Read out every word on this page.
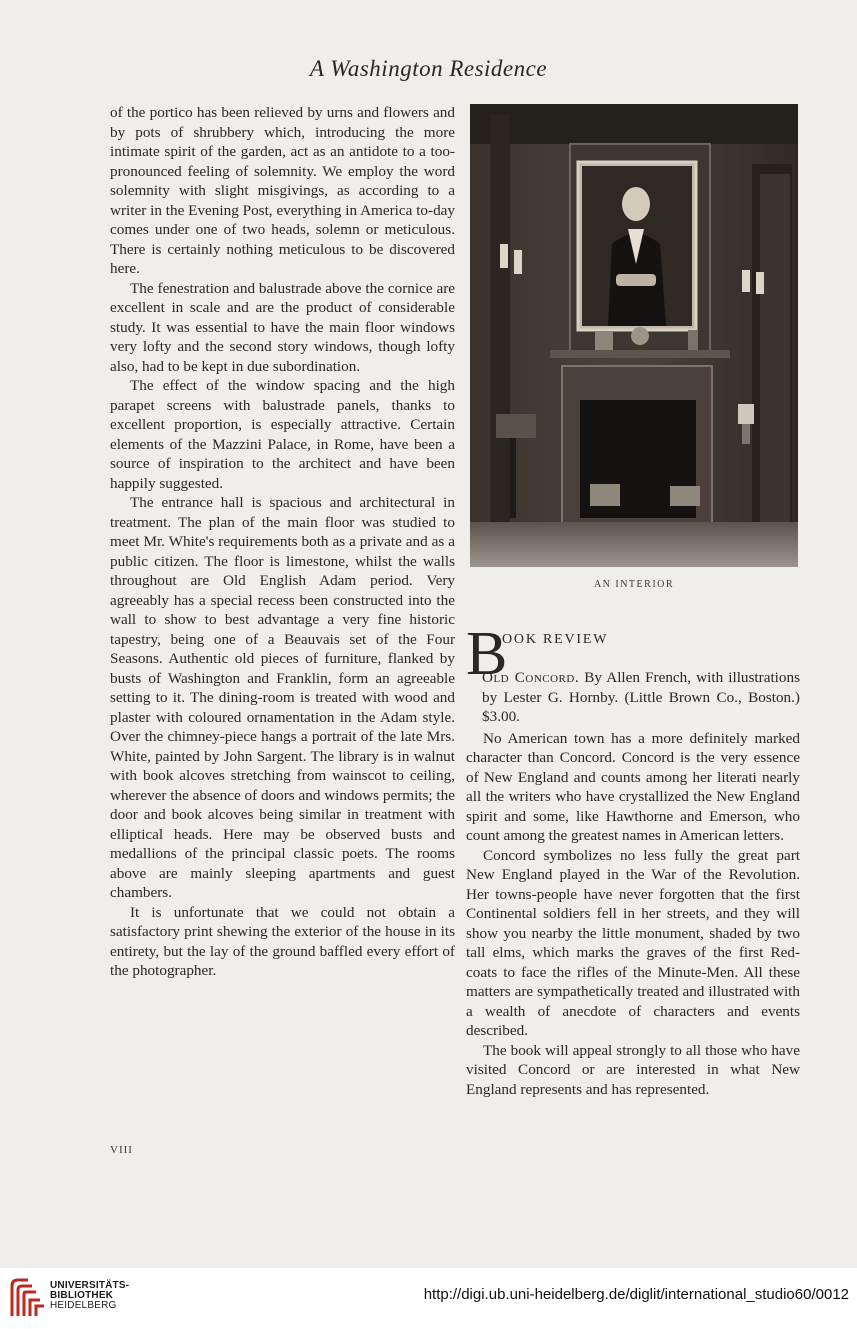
A Washington Residence

of the portico has been relieved by urns and flowers and by pots of shrubbery which, introducing the more intimate spirit of the garden, act as an antidote to a too-pronounced feeling of solemnity. We employ the word solemnity with slight misgivings, as according to a writer in the Evening Post, everything in America to-day comes under one of two heads, solemn or meticulous. There is certainly nothing meticulous to be discovered here.

The fenestration and balustrade above the cornice are excellent in scale and are the product of considerable study. It was essential to have the main floor windows very lofty and the second story windows, though lofty also, had to be kept in due subordination.

The effect of the window spacing and the high parapet screens with balustrade panels, thanks to excellent proportion, is especially attractive. Certain elements of the Mazzini Palace, in Rome, have been a source of inspiration to the architect and have been happily suggested.

The entrance hall is spacious and architectural in treatment. The plan of the main floor was studied to meet Mr. White's requirements both as a private and as a public citizen. The floor is limestone, whilst the walls throughout are Old English Adam period. Very agreeably has a special recess been constructed into the wall to show to best advantage a very fine historic tapestry, being one of a Beauvais set of the Four Seasons. Authentic old pieces of furniture, flanked by busts of Washington and Franklin, form an agreeable setting to it. The dining-room is treated with wood and plaster with coloured ornamentation in the Adam style. Over the chimney-piece hangs a portrait of the late Mrs. White, painted by John Sargent. The library is in walnut with book alcoves stretching from wainscot to ceiling, wherever the absence of doors and windows permits; the door and book alcoves being similar in treatment with elliptical heads. Here may be observed busts and medallions of the principal classic poets. The rooms above are mainly sleeping apartments and guest chambers.

It is unfortunate that we could not obtain a satisfactory print shewing the exterior of the house in its entirety, but the lay of the ground baffled every effort of the photographer.

VIII
AN INTERIOR
B
OOK REVIEW

Old Concord. By Allen French, with illustrations by Lester G. Hornby. (Little Brown Co., Boston.) $3.00.

No American town has a more definitely marked character than Concord. Concord is the very essence of New England and counts among her literati nearly all the writers who have crystallized the New England spirit and some, like Hawthorne and Emerson, who count among the greatest names in American letters.

Concord symbolizes no less fully the great part New England played in the War of the Revolution. Her towns-people have never forgotten that the first Continental soldiers fell in her streets, and they will show you nearby the little monument, shaded by two tall elms, which marks the graves of the first Red-coats to face the rifles of the Minute-Men. All these matters are sympathetically treated and illustrated with a wealth of anecdote of characters and events described.

The book will appeal strongly to all those who have visited Concord or are interested in what New England represents and has represented.

UNIVERSITÄTS-
BIBLIOTHEK
HEIDELBERG
http://digi.ub.uni-heidelberg.de/diglit/international_studio60/0012
